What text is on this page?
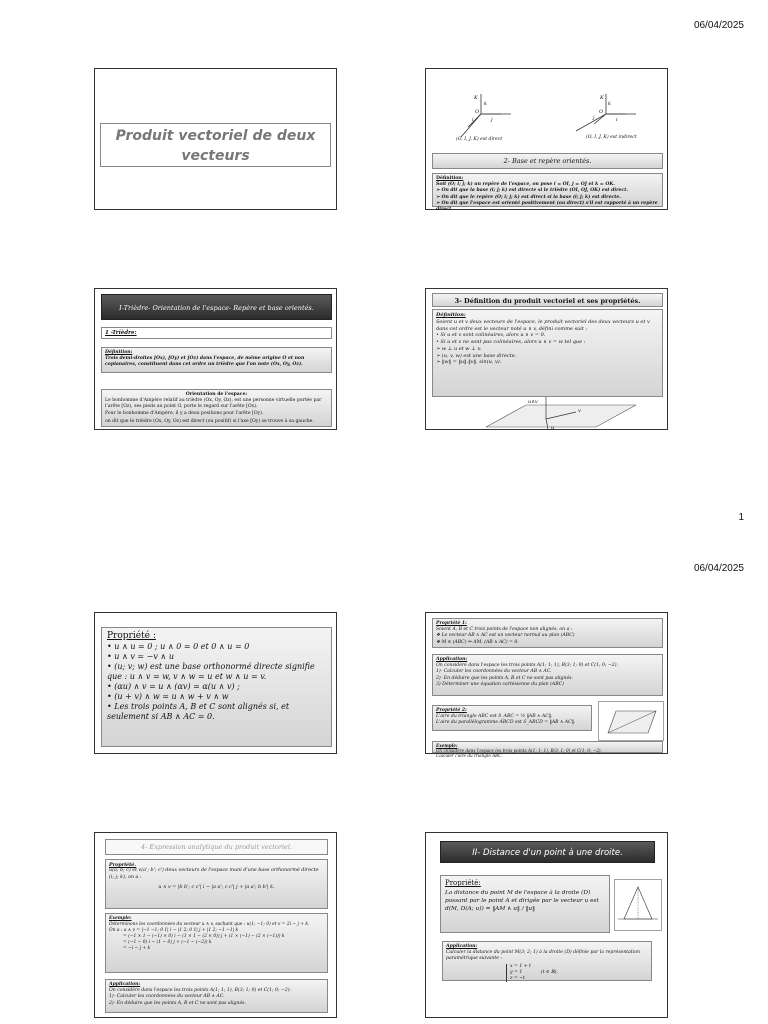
06/04/2025
Produit vectoriel de deux vecteurs
K
k
O
i	j
K
k
O
j	i
(O, I, J, K) est direct	(O, I, J, K) est indirect
2- Base et repère orientés.
Définition:
Soit (O; i; j; k) un repère de l'espace, on pose i = OI, j = OJ et k = OK.
➢ On dit que la base (i; j; k) est directe si le trièdre (OI, OJ, OK) est direct.
➢ On dit que le repère (O; i; j; k) est direct si la base (i; j; k) est directe.
➢ On dit que l'espace est orienté positivement (ou direct) s'il est rapporté à un repère direct.
I-Trièdre- Orientation de l'espace- Repère et base orientés.
1 -Trièdre:
Définition:
Trois demi-droites [Ox), [Oy) et [Oz) dans l'espace, de même origine O et non coplanaires, constituent dans cet ordre un trièdre que l'on note (Ox, Oy, Oz).
Orientation de l'espace:
Le bonhomme d'Ampère relatif au trièdre (Ox, Oy, Oz), est une personne virtuelle portée par l'arête [Oz), ses pieds au point O, porte le regard sur l'arête [Ox).
Pour le bonhomme d'Ampère, il y a deux positions pour l'arête [Oy).
on dit que le trièdre (Ox, Oy, Oz) est direct (ou positif) si l'axe [Oy) se trouve à sa gauche.
3- Définition du produit vectoriel et ses propriétés.
Définition:
Soient u et v deux vecteurs de l'espace, le produit vectoriel des deux vecteurs u et v dans cet ordre est le vecteur noté u ∧ v, défini comme suit :
• Si u et v sont colinéaires, alors u ∧ v = 0.
• Si u et v ne sont pas colinéaires, alors u ∧ v = w tel que :
➢ w ⊥ u et w ⊥ v.
➢ (u, v, w) est une base directe.
➢ ‖w‖ = ‖u‖.‖v‖. sin(u, v).
u∧v
v
u
1
06/04/2025
Propriété :
• u ∧ u = 0 ; u ∧ 0 = 0 et 0 ∧ u = 0
• u ∧ v = −v ∧ u
• (u; v; w) est une base orthonormé directe signifie que : u ∧ v = w, v ∧ w = u et w ∧ u = v.
• (αu) ∧ v = u ∧ (αv) = α(u ∧ v) ;
• (u + v) ∧ w = u ∧ w + v ∧ w
• Les trois points A, B et C sont alignés si, et seulement si AB ∧ AC = 0.
Propriété 1:
Soient A, B et C trois points de l'espace non alignés, on a :
❖ Le vecteur AB ∧ AC est un vecteur normal au plan (ABC)
❖ M ∈ (ABC) ⇔ AM. (AB ∧ AC) = 0.
Application:
On considère dans l'espace les trois points A(1; 1; 1), B(3; 1; 0) et C(1; 0; −2).
1)- Calculer les coordonnées du vecteur AB ∧ AC.
2)- En déduire que les points A, B et C ne sont pas alignés.
3) Déterminer une équation cartésienne du plan (ABC)
Propriété 2:
L'aire du triangle ABC est S_ABC = ½ ‖AB ∧ AC‖.
L'aire du parallélogramme ABCD est S_ABCD = ‖AB ∧ AC‖.
Exemple:
On considère dans l'espace les trois points A(1; 1; 1), B(3; 1; 0) et C(1; 0; −2).
Calculer l'aire du triangle ABC.
4- Expression analytique du produit vectoriel.
Propriété.
u(a; b; c) et v(a'; b'; c') deux vecteurs de l'espace muni d'une base orthonormé directe (i; j; k), on a :
u ∧ v = |b b'; c c'| i − |a a'; c c'| j + |a a'; b b'| k.
Exemple:
Déterminons les coordonnées du vecteur u ∧ v, sachant que : u(1; −1; 0) et v = 2i − j + k.
On a : u ∧ v = |−1 −1; 0 1| i − |1 2; 0 1| j + |1 2; −1 −1| k
= (−1 × 1 − (−1) × 0) i − (1 × 1 − (2 × 0)) j + (1 × (−1) − (2 × (−1))) k
= (−1 − 0) i − (1 − 0) j + (−1 − (−2)) k
= −i − j + k
Application:
On considère dans l'espace les trois points A(1; 1; 1), B(3; 1; 0) et C(1; 0; −2).
1)- Calculer les coordonnées du vecteur AB ∧ AC.
2)- En déduire que les points A, B et C ne sont pas alignés.
II- Distance d'un point à une droite.
Propriété:
La distance du point M de l'espace à la droite (D) passant par le point A et dirigée par le vecteur u est d(M, D(A; u)) = ‖AM ∧ u‖ / ‖u‖
Application:
Calculer la distance du point M(3; 2; 1) à la droite (D) définie par la représentation paramétrique suivante :
x = 1 + t
y = 1
z = −t
(t ∈ ℝ),
